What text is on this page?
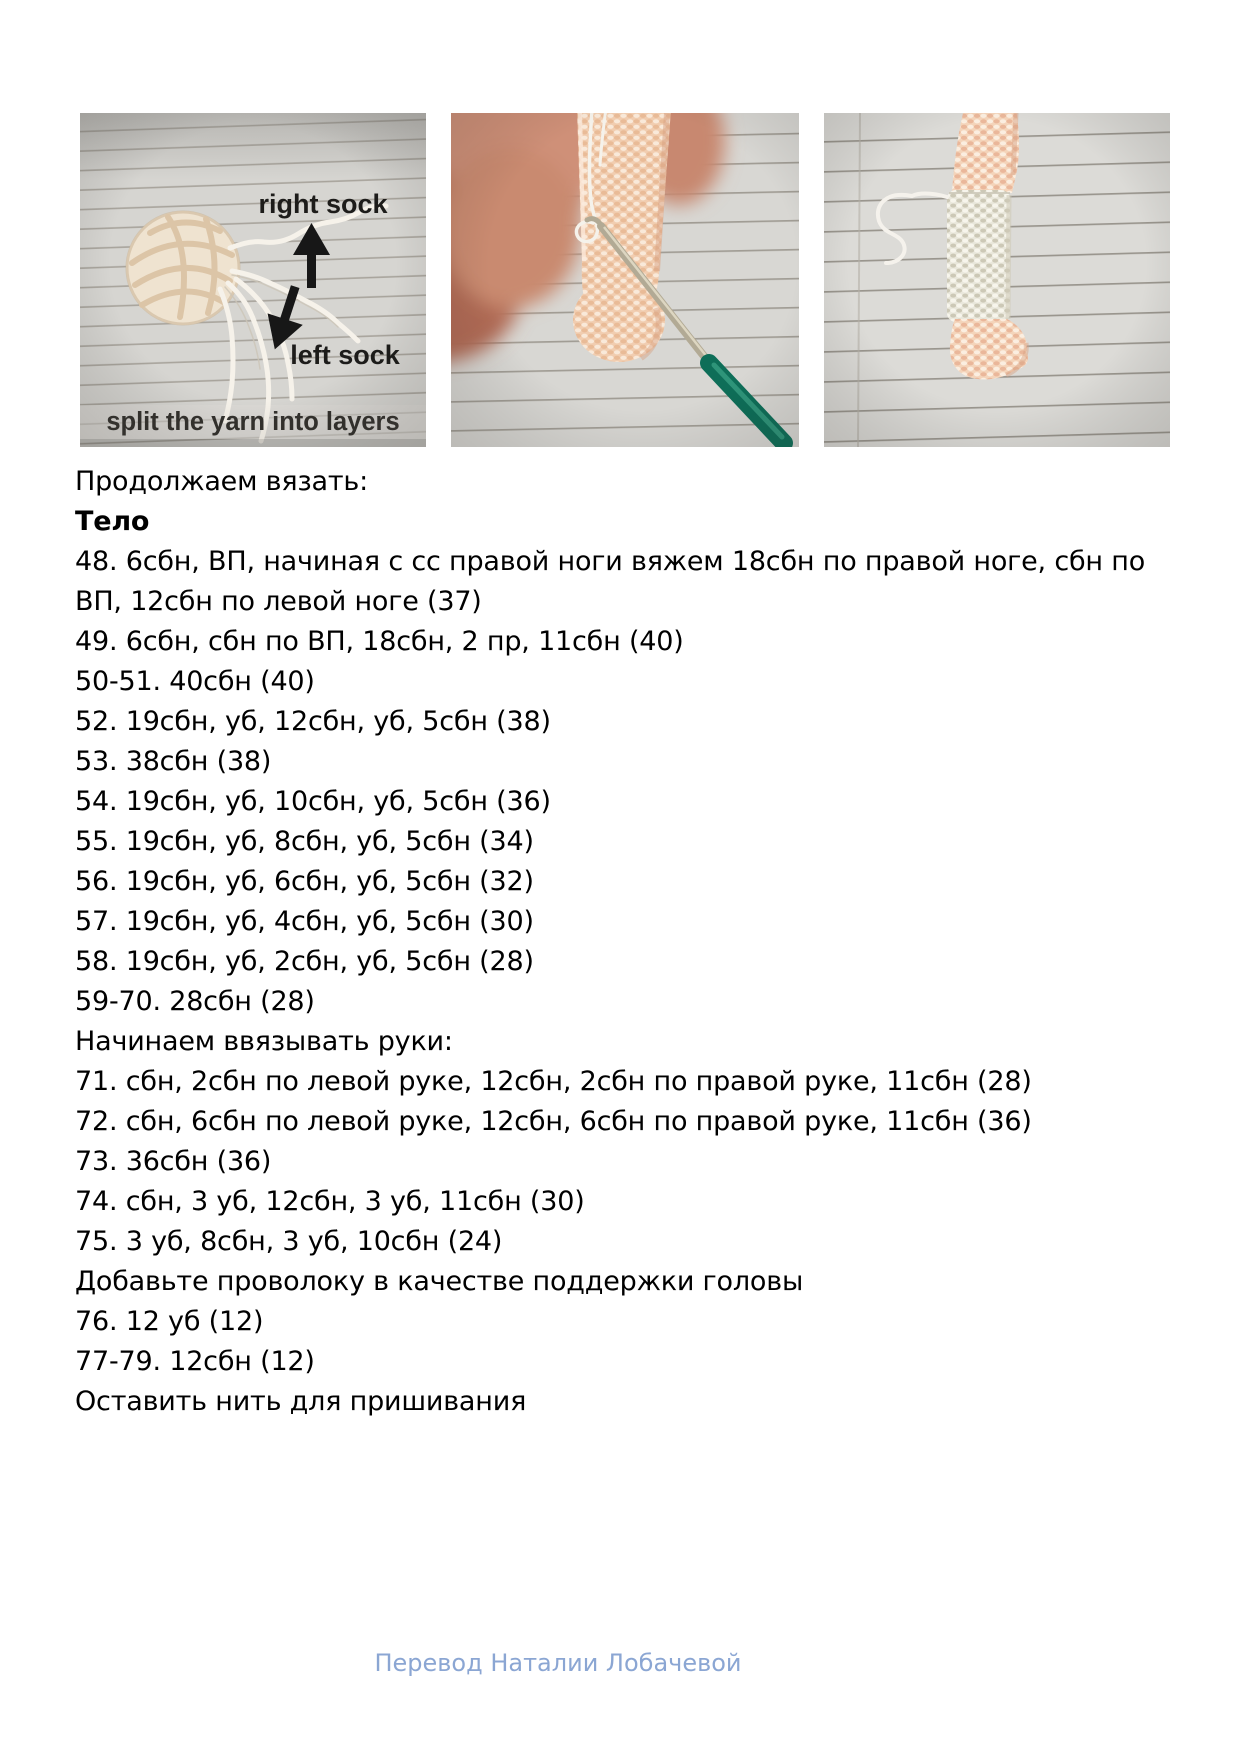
Продолжаем вязать:

Тело

48. 6сбн, ВП, начиная с сс правой ноги вяжем 18сбн по правой ноге, сбн по ВП, 12сбн по левой ноге (37)

49. 6сбн, сбн по ВП, 18сбн, 2 пр, 11сбн (40)

50-51. 40сбн (40)

52. 19сбн, уб, 12сбн, уб, 5сбн (38)

53. 38сбн (38)

54. 19сбн, уб, 10сбн, уб, 5сбн (36)

55. 19сбн, уб, 8сбн, уб, 5сбн (34)

56. 19сбн, уб, 6сбн, уб, 5сбн (32)

57. 19сбн, уб, 4сбн, уб, 5сбн (30)

58. 19сбн, уб, 2сбн, уб, 5сбн (28)

59-70. 28сбн (28)

Начинаем ввязывать руки:

71. сбн, 2сбн по левой руке, 12сбн, 2сбн по правой руке, 11сбн (28)

72. сбн, 6сбн по левой руке, 12сбн, 6сбн по правой руке, 11сбн (36)

73. 36сбн (36)

74. сбн, 3 уб, 12сбн, 3 уб, 11сбн (30)

75. 3 уб, 8сбн, 3 уб, 10сбн (24)

Добавьте проволоку в качестве поддержки головы

76. 12 уб (12)

77-79. 12сбн (12)

Оставить нить для пришивания

Перевод Наталии Лобачевой
